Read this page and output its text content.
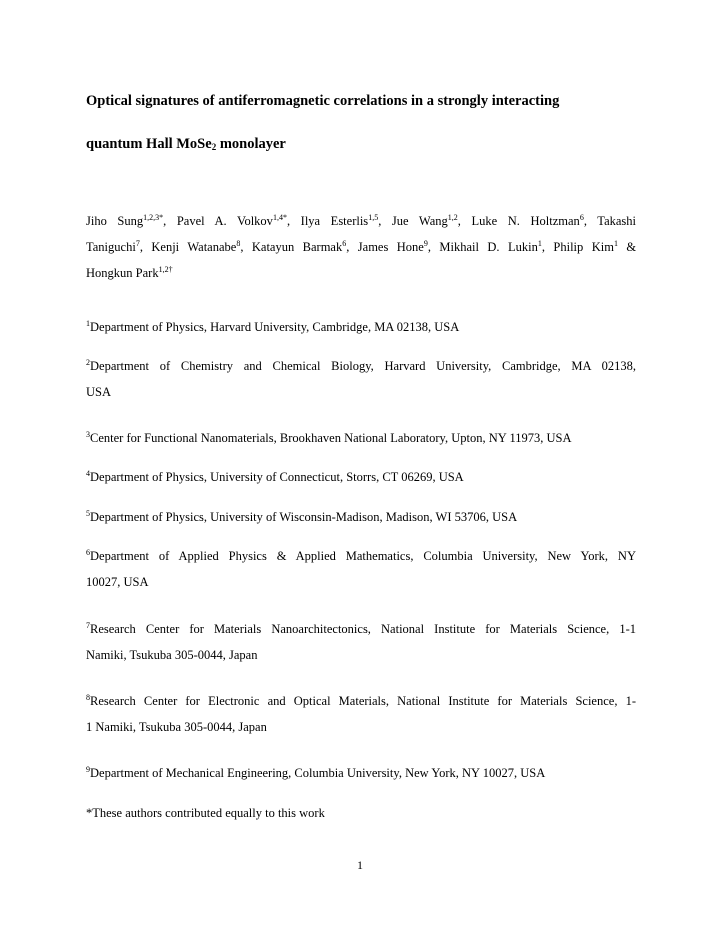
Optical signatures of antiferromagnetic correlations in a strongly interacting
quantum Hall MoSe$_2$ monolayer
Jiho Sung$^{1,2,3*}$, Pavel A. Volkov$^{1,4*}$, Ilya Esterlis$^{1,5}$, Jue Wang$^{1,2}$, Luke N. Holtzman$^6$, Takashi
Taniguchi$^7$, Kenji Watanabe$^8$, Katayun Barmak$^6$, James Hone$^9$, Mikhail D. Lukin$^1$, Philip Kim$^1$ &
Hongkun Park$^{1,2\dagger}$

$^1$Department of Physics, Harvard University, Cambridge, MA 02138, USA

$^2$Department of Chemistry and Chemical Biology, Harvard University, Cambridge, MA 02138,
USA

$^3$Center for Functional Nanomaterials, Brookhaven National Laboratory, Upton, NY 11973, USA

$^4$Department of Physics, University of Connecticut, Storrs, CT 06269, USA

$^5$Department of Physics, University of Wisconsin-Madison, Madison, WI 53706, USA

$^6$Department of Applied Physics & Applied Mathematics, Columbia University, New York, NY
10027, USA

$^7$Research Center for Materials Nanoarchitectonics, National Institute for Materials Science, 1-1
Namiki, Tsukuba 305-0044, Japan

$^8$Research Center for Electronic and Optical Materials, National Institute for Materials Science, 1-
1 Namiki, Tsukuba 305-0044, Japan

$^9$Department of Mechanical Engineering, Columbia University, New York, NY 10027, USA

*These authors contributed equally to this work

1
